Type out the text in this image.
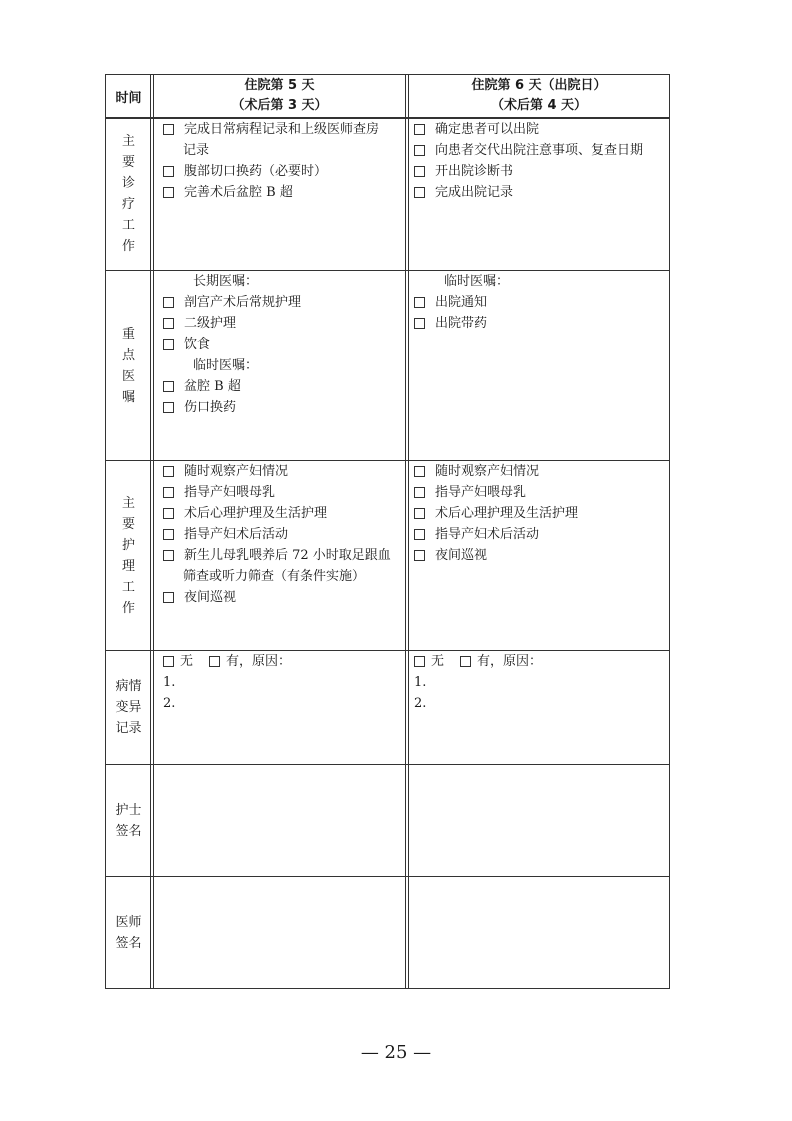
时间
住院第 5 天
（术后第 3 天）
住院第 6 天（出院日）
（术后第 4 天）
主
要
诊
疗
工
作
完成日常病程记录和上级医师查房
记录
腹部切口换药（必要时）
完善术后盆腔 B 超
确定患者可以出院
向患者交代出院注意事项、复查日期
开出院诊断书
完成出院记录
重
点
医
嘱
长期医嘱：
剖宫产术后常规护理
二级护理
饮食
临时医嘱：
盆腔 B 超
伤口换药
临时医嘱：
出院通知
出院带药
主
要
护
理
工
作
随时观察产妇情况
指导产妇喂母乳
术后心理护理及生活护理
指导产妇术后活动
新生儿母乳喂养后 72 小时取足跟血
筛查或听力筛查（有条件实施）
夜间巡视
随时观察产妇情况
指导产妇喂母乳
术后心理护理及生活护理
指导产妇术后活动
夜间巡视
病情
变异
记录
无	有，原因：
1.
2.
无	有，原因：
1.
2.
护士
签名
医师
签名
— 25 —
